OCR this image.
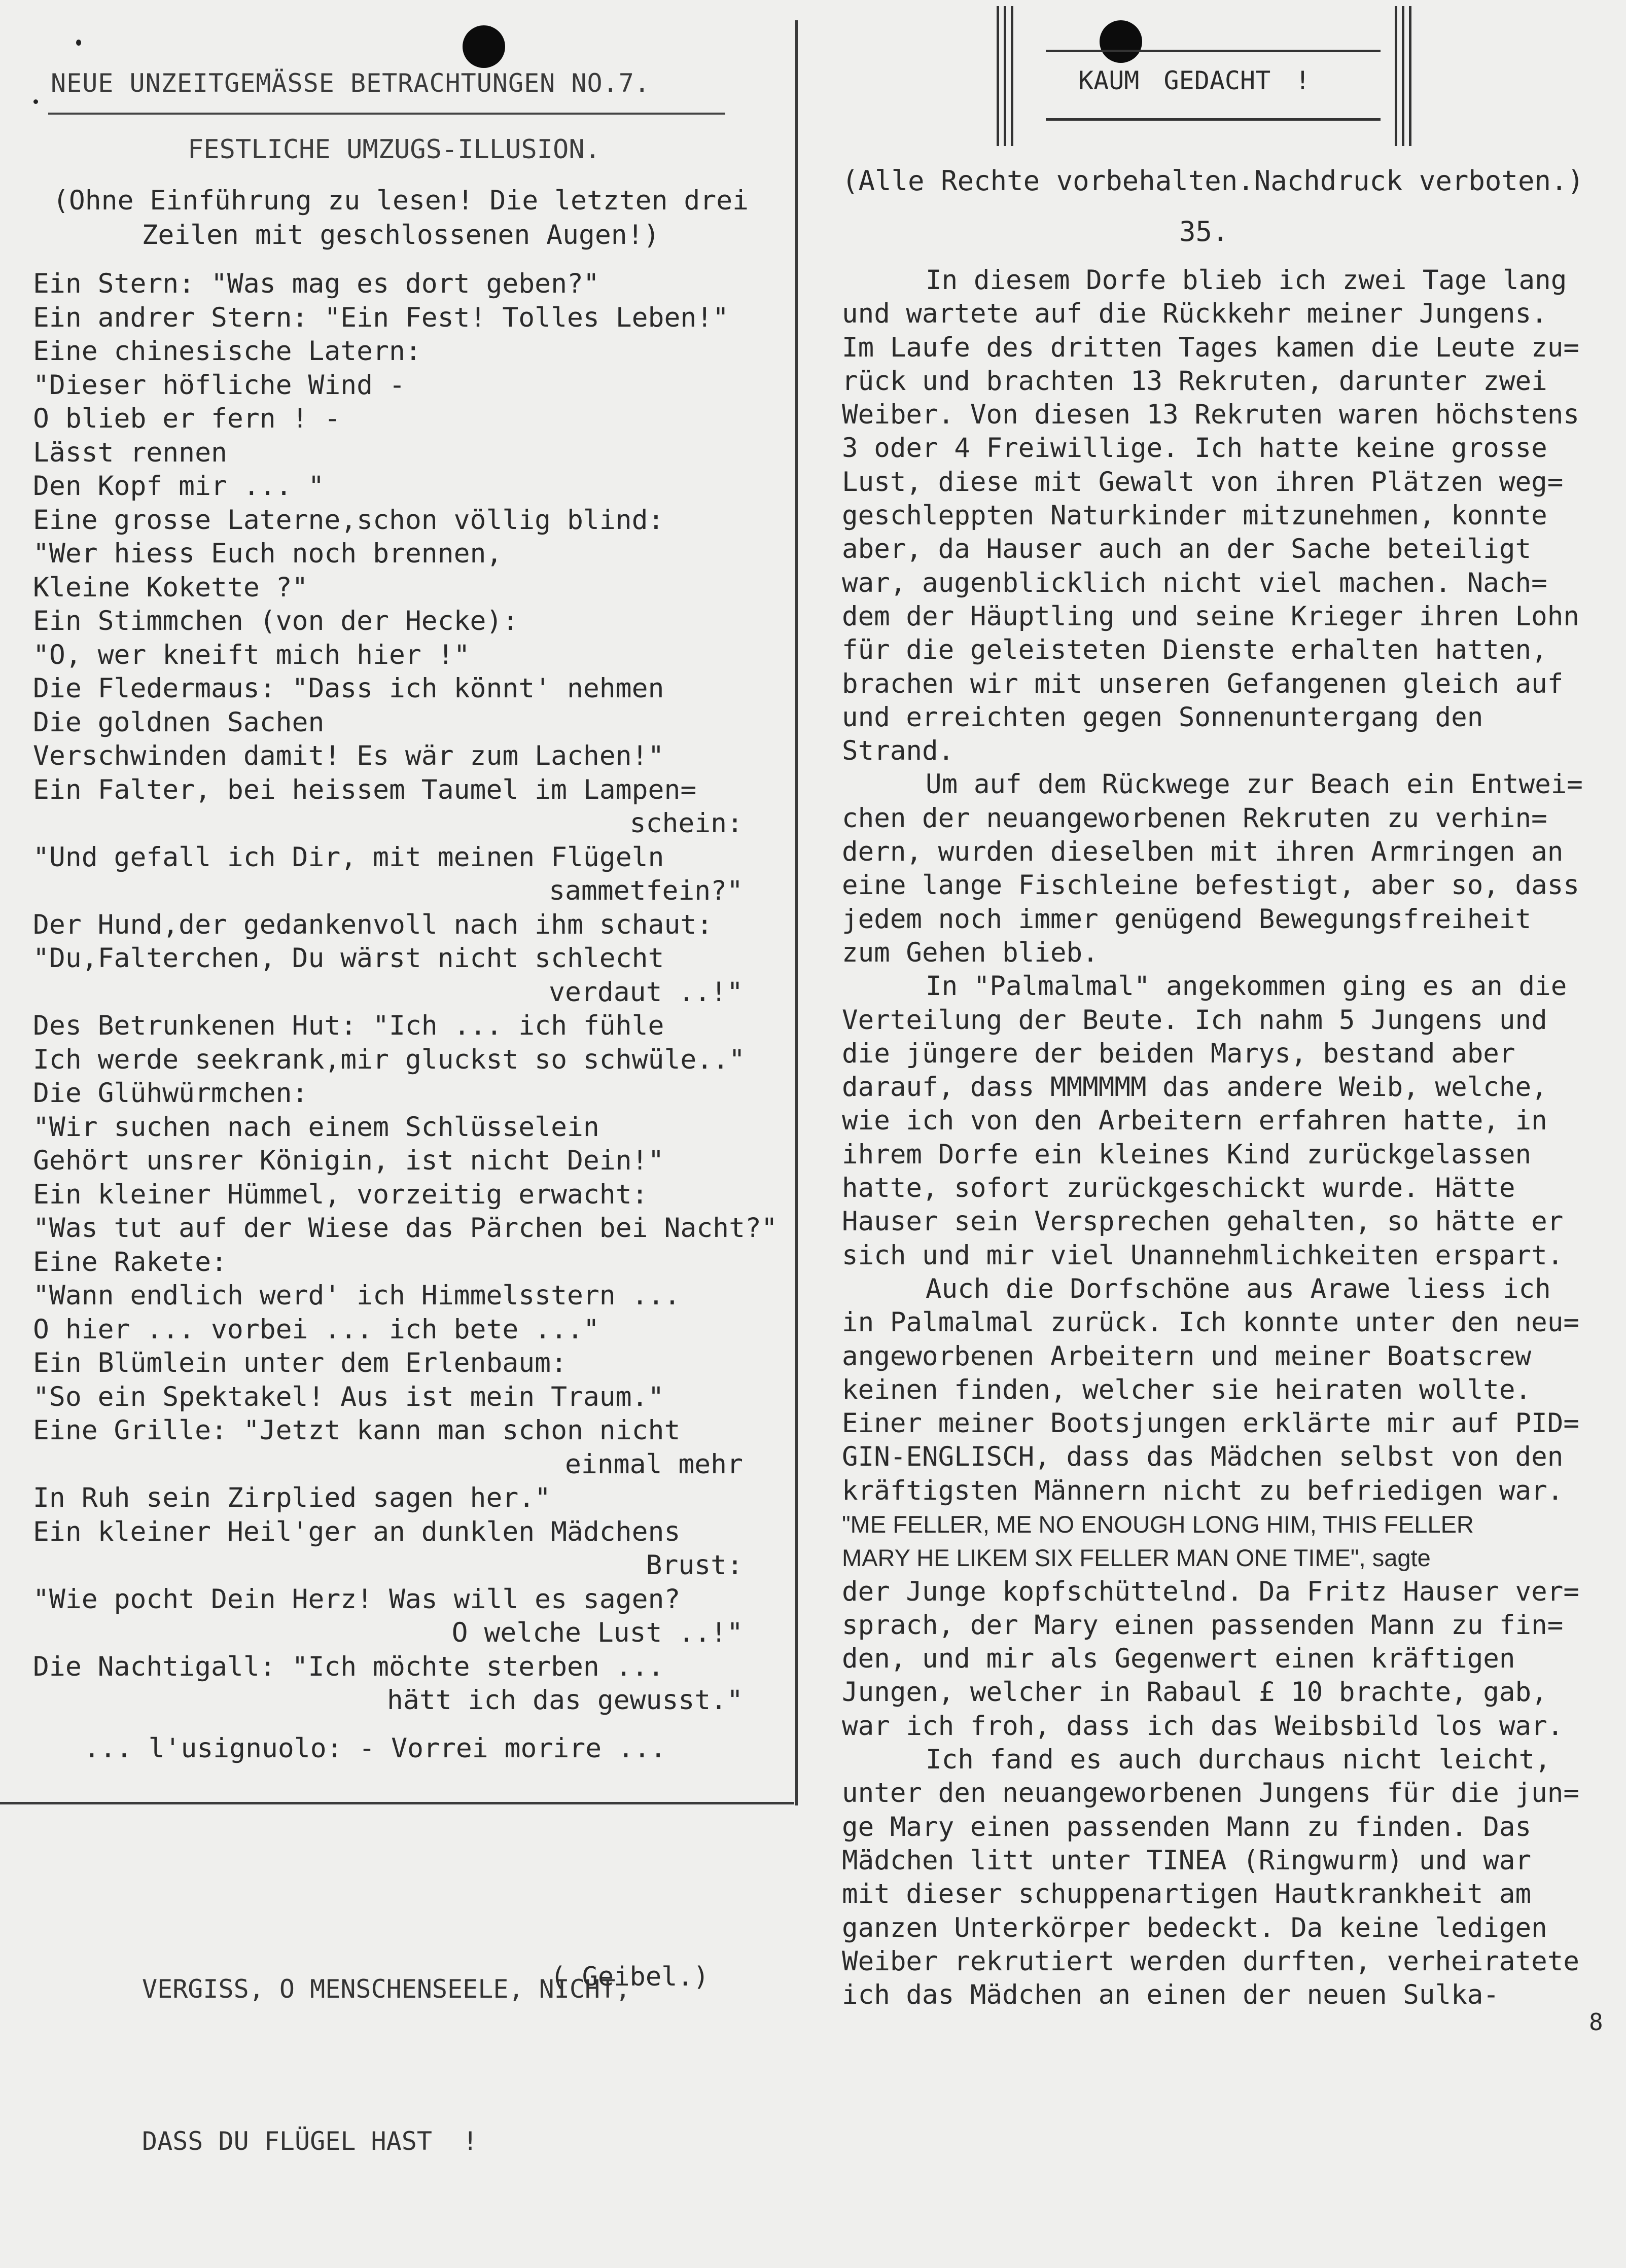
NEUE UNZEITGEMÄSSE BETRACHTUNGEN NO.7.
FESTLICHE UMZUGS-ILLUSION.
(Ohne Einführung zu lesen! Die letzten drei
Zeilen mit geschlossenen Augen!)
Ein Stern: "Was mag es dort geben?"
Ein andrer Stern: "Ein Fest! Tolles Leben!"
Eine chinesische Latern:
"Dieser höfliche Wind -
O blieb er fern ! -
Lässt rennen
Den Kopf mir ... "
Eine grosse Laterne,schon völlig blind:
"Wer hiess Euch noch brennen,
Kleine Kokette ?"
Ein Stimmchen (von der Hecke):
"O, wer kneift mich hier !"
Die Fledermaus: "Dass ich könnt' nehmen
Die goldnen Sachen
Verschwinden damit! Es wär zum Lachen!"
Ein Falter, bei heissem Taumel im Lampen=
schein:
"Und gefall ich Dir, mit meinen Flügeln
sammetfein?"
Der Hund,der gedankenvoll nach ihm schaut:
"Du,Falterchen, Du wärst nicht schlecht
verdaut ..!"
Des Betrunkenen Hut: "Ich ... ich fühle
Ich werde seekrank,mir gluckst so schwüle.."
Die Glühwürmchen:
"Wir suchen nach einem Schlüsselein
Gehört unsrer Königin, ist nicht Dein!"
Ein kleiner Hümmel, vorzeitig erwacht:
"Was tut auf der Wiese das Pärchen bei Nacht?"
Eine Rakete:
"Wann endlich werd' ich Himmelsstern ...
O hier ... vorbei ... ich bete ..."
Ein Blümlein unter dem Erlenbaum:
"So ein Spektakel! Aus ist mein Traum."
Eine Grille: "Jetzt kann man schon nicht
einmal mehr
In Ruh sein Zirplied sagen her."
Ein kleiner Heil'ger an dunklen Mädchens
Brust:
"Wie pocht Dein Herz! Was will es sagen?
O welche Lust ..!"
Die Nachtigall: "Ich möchte sterben ...
hätt ich das gewusst."
... l'usignuolo: - Vorrei morire ...

VERGISS, O MENSCHENSEELE, NICHT,

DASS DU FLÜGEL HAST  !

( Geibel.)
KAUM GEDACHT !
(Alle Rechte vorbehalten.Nachdruck verboten.)
35.
In diesem Dorfe blieb ich zwei Tage lang
und wartete auf die Rückkehr meiner Jungens.
Im Laufe des dritten Tages kamen die Leute zu=
rück und brachten 13 Rekruten, darunter zwei
Weiber. Von diesen 13 Rekruten waren höchstens
3 oder 4 Freiwillige. Ich hatte keine grosse
Lust, diese mit Gewalt von ihren Plätzen weg=
geschleppten Naturkinder mitzunehmen, konnte
aber, da Hauser auch an der Sache beteiligt
war, augenblicklich nicht viel machen. Nach=
dem der Häuptling und seine Krieger ihren Lohn
für die geleisteten Dienste erhalten hatten,
brachen wir mit unseren Gefangenen gleich auf
und erreichten gegen Sonnenuntergang den
Strand.
Um auf dem Rückwege zur Beach ein Entwei=
chen der neuangeworbenen Rekruten zu verhin=
dern, wurden dieselben mit ihren Armringen an
eine lange Fischleine befestigt, aber so, dass
jedem noch immer genügend Bewegungsfreiheit
zum Gehen blieb.
In "Palmalmal" angekommen ging es an die
Verteilung der Beute. Ich nahm 5 Jungens und
die jüngere der beiden Marys, bestand aber
darauf, dass MMMMMM das andere Weib, welche,
wie ich von den Arbeitern erfahren hatte, in
ihrem Dorfe ein kleines Kind zurückgelassen
hatte, sofort zurückgeschickt wurde. Hätte
Hauser sein Versprechen gehalten, so hätte er
sich und mir viel Unannehmlichkeiten erspart.
Auch die Dorfschöne aus Arawe liess ich
in Palmalmal zurück. Ich konnte unter den neu=
angeworbenen Arbeitern und meiner Boatscrew
keinen finden, welcher sie heiraten wollte.
Einer meiner Bootsjungen erklärte mir auf PID=
GIN-ENGLISCH, dass das Mädchen selbst von den
kräftigsten Männern nicht zu befriedigen war.
"ME FELLER, ME NO ENOUGH LONG HIM, THIS FELLER
MARY HE LIKEM SIX FELLER MAN ONE TIME", sagte
der Junge kopfschüttelnd. Da Fritz Hauser ver=
sprach, der Mary einen passenden Mann zu fin=
den, und mir als Gegenwert einen kräftigen
Jungen, welcher in Rabaul £ 10 brachte, gab,
war ich froh, dass ich das Weibsbild los war.
Ich fand es auch durchaus nicht leicht,
unter den neuangeworbenen Jungens für die jun=
ge Mary einen passenden Mann zu finden. Das
Mädchen litt unter TINEA (Ringwurm) und war
mit dieser schuppenartigen Hautkrankheit am
ganzen Unterkörper bedeckt. Da keine ledigen
Weiber rekrutiert werden durften, verheiratete
ich das Mädchen an einen der neuen Sulka-
8
